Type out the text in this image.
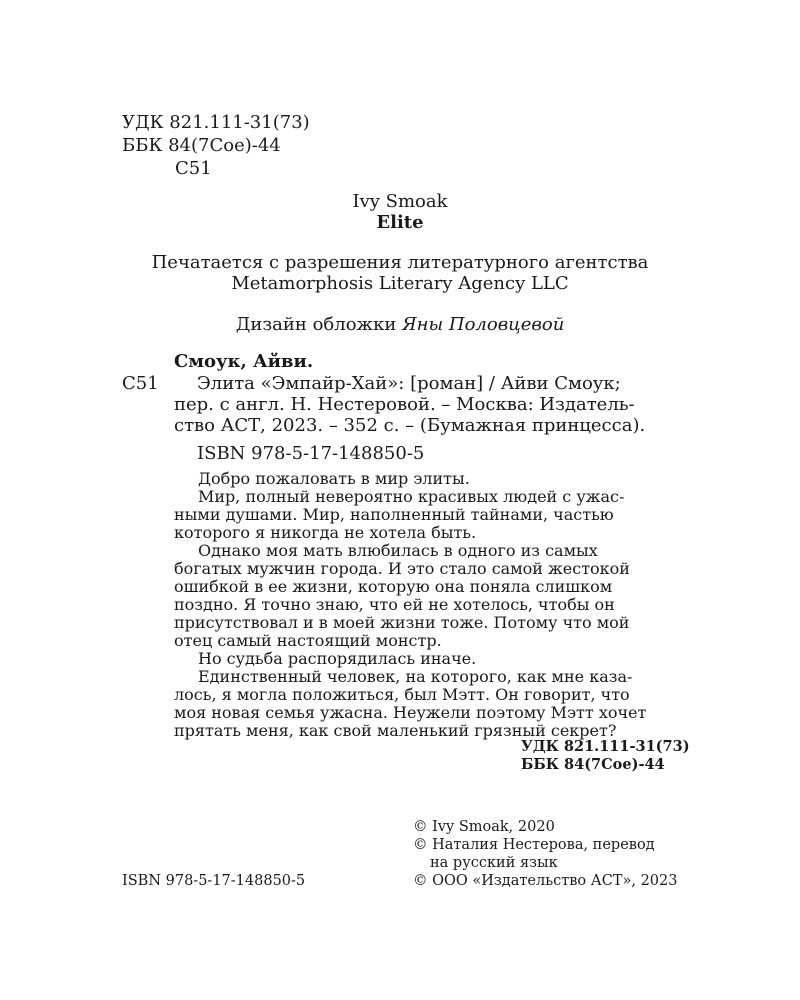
УДК 821.111-31(73)
ББК 84(7Сое)-44
С51
Ivy Smoak
Elite
Печатается с разрешения литературного агентства
Metamorphosis Literary Agency LLC
Дизайн обложки Яны Половцевой
Смоук, Айви.
С51 Элита «Эмпайр-Хай»: [роман] / Айви Смоук;
пер. с англ. Н. Нестеровой. – Москва: Издатель-
ство АСТ, 2023. – 352 с. – (Бумажная принцесса).
ISBN 978-5-17-148850-5

Добро пожаловать в мир элиты.

Мир, полный невероятно красивых людей с ужас-

ными душами. Мир, наполненный тайнами, частью

которого я никогда не хотела быть.

Однако моя мать влюбилась в одного из самых

богатых мужчин города. И это стало самой жестокой

ошибкой в ее жизни, которую она поняла слишком

поздно. Я точно знаю, что ей не хотелось, чтобы он

присутствовал и в моей жизни тоже. Потому что мой

отец самый настоящий монстр.

Но судьба распорядилась иначе.

Единственный человек, на которого, как мне каза-

лось, я могла положиться, был Мэтт. Он говорит, что

моя новая семья ужасна. Неужели поэтому Мэтт хочет

прятать меня, как свой маленький грязный секрет?

УДК 821.111-31(73)
ББК 84(7Сое)-44
© Ivy Smoak, 2020
© Наталия Нестерова, перевод
на русский язык
© ООО «Издательство АСТ», 2023
ISBN 978-5-17-148850-5
